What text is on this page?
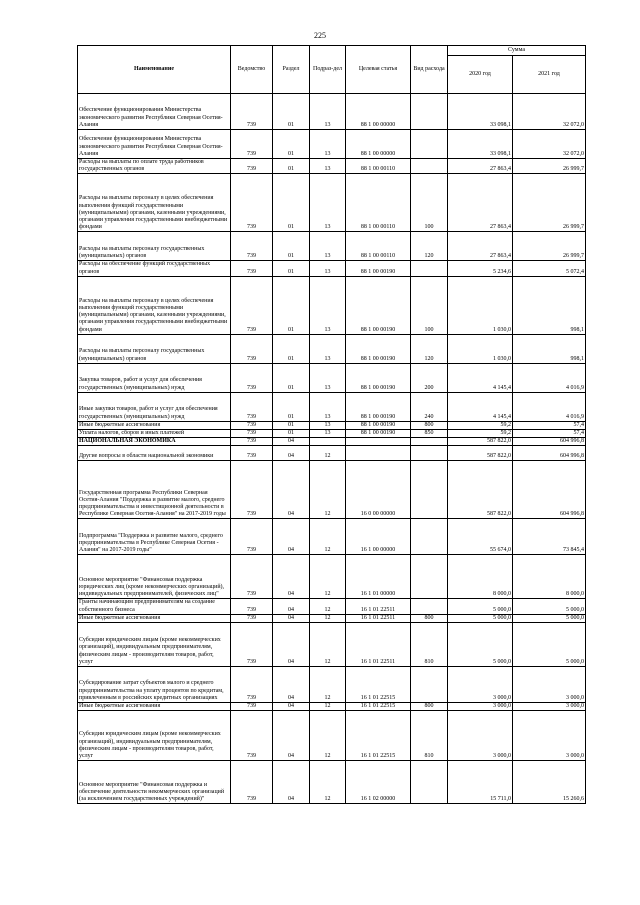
225
Наименование	Ведомство	Раздел	Подраз-дел	Целевая статья	Вид расхода	Сумма	
						2020 год	2021 год
Обеспечение функционирования Министерства экономического развития Республики Северная Осетия-Алания	739	01	13	88 1 00 00000		33 098,1	32 072,0
Обеспечение функционирования Министерства экономического развития Республики Северная Осетия- Алания	739	01	13	88 1 00 00000		33 098,1	32 072,0
Расходы на выплаты по оплате труда работников государственных органов	739	01	13	88 1 00 00110		27 863,4	26 999,7
Расходы на выплаты персоналу в целях обеспечения выполнения функций государственными (муниципальными) органами, казенными учреждениями, органами управления государственными внебюджетными фондами	739	01	13	88 1 00 00110	100	27 863,4	26 999,7
Расходы на выплаты персоналу государственных (муниципальных) органов	739	01	13	88 1 00 00110	120	27 863,4	26 999,7
Расходы на обеспечение функций государственных органов	739	01	13	88 1 00 00190		5 234,6	5 072,4
Расходы на выплаты персоналу в целях обеспечения выполнения функций государственными (муниципальными) органами, казенными учреждениями, органами управления государственными внебюджетными фондами	739	01	13	88 1 00 00190	100	1 030,0	998,1
Расходы на выплаты персоналу государственных (муниципальных) органов	739	01	13	88 1 00 00190	120	1 030,0	998,1
Закупка товаров, работ и услуг для обеспечения государственных (муниципальных) нужд	739	01	13	88 1 00 00190	200	4 145,4	4 016,9
Иные закупки товаров, работ и услуг для обеспечения государственных (муниципальных) нужд	739	01	13	88 1 00 00190	240	4 145,4	4 016,9
Иные бюджетные ассигнования	739	01	13	88 1 00 00190	800	59,2	57,4
Уплата налогов, сборов и иных платежей	739	01	13	88 1 00 00190	850	59,2	57,4
НАЦИОНАЛЬНАЯ ЭКОНОМИКА	739	04				587 822,0	604 996,8
Другие вопросы в области национальной экономики	739	04	12			587 822,0	604 996,8
Государственная программа Республики Северная Осетия-Алания "Поддержка и развитие малого, среднего предпринимательства и инвестиционной деятельности в Республике Северная Осетия-Алания" на 2017-2019 годы	739	04	12	16 0 00 00000		587 822,0	604 996,8
Подпрограмма "Поддержка и развитие малого, среднего предпринимательства в Республике Северная Осетия - Алания" на 2017-2019 годы"	739	04	12	16 1 00 00000		55 674,0	73 845,4
Основное мероприятие "Финансовая поддержка юридических лиц (кроме некоммерческих организаций), индивидуальных предпринимателей, физических лиц"	739	04	12	16 1 01 00000		8 000,0	8 000,0
Гранты начинающим предпринимателям на создание собственного бизнеса	739	04	12	16 1 01 22511		5 000,0	5 000,0
Иные бюджетные ассигнования	739	04	12	16 1 01 22511	800	5 000,0	5 000,0
Субсидии юридическим лицам (кроме некоммерческих организаций), индивидуальным предпринимателям, физическим лицам - производителям товаров, работ, услуг	739	04	12	16 1 01 22511	810	5 000,0	5 000,0
Субсидирование затрат субъектов малого и среднего предпринимательства на уплату процентов по кредитам, привлеченным в российских кредитных организациях	739	04	12	16 1 01 22515		3 000,0	3 000,0
Иные бюджетные ассигнования	739	04	12	16 1 01 22515	800	3 000,0	3 000,0
Субсидии юридическим лицам (кроме некоммерческих организаций), индивидуальным предпринимателям, физическим лицам - производителям товаров, работ, услуг	739	04	12	16 1 01 22515	810	3 000,0	3 000,0
Основное мероприятие "Финансовая поддержка и обеспечение деятельности некоммерческих организаций (за исключением государственных учреждений)"	739	04	12	16 1 02 00000		15 711,0	15 260,6
